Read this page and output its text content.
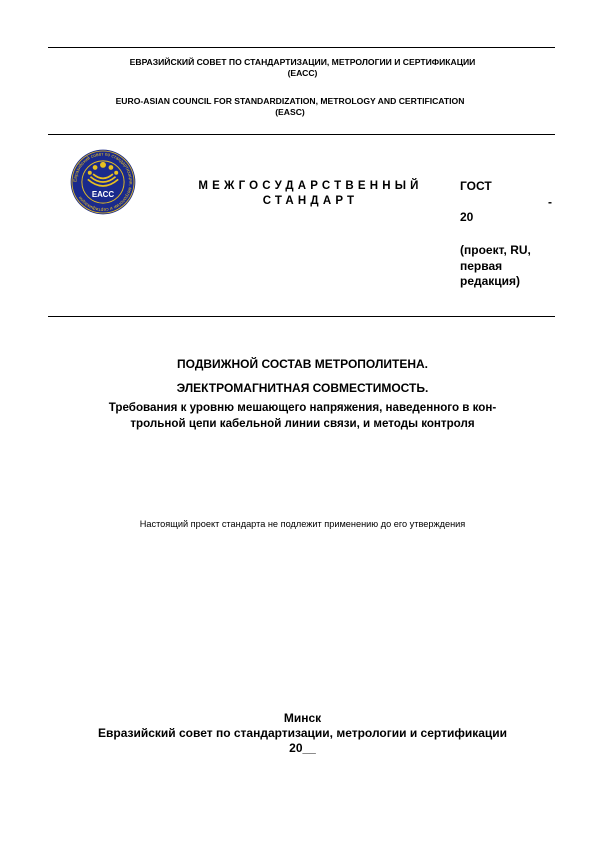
ЕВРАЗИЙСКИЙ СОВЕТ ПО СТАНДАРТИЗАЦИИ, МЕТРОЛОГИИ И СЕРТИФИКАЦИИ
(ЕАСС)
EURO-ASIAN COUNCIL FOR STANDARDIZATION, METROLOGY AND CERTIFICATION
(EASC)
Евразийский совет по стандартизации, метрологии и сертификации ЕАСС
МЕЖГОСУДАРСТВЕННЫЙ
СТАНДАРТ
ГОСТ
-
20
(проект, RU,
первая
редакция)
ПОДВИЖНОЙ СОСТАВ МЕТРОПОЛИТЕНА.
ЭЛЕКТРОМАГНИТНАЯ СОВМЕСТИМОСТЬ.
Требования к уровню мешающего напряжения, наведенного в кон-
трольной цепи кабельной линии связи, и методы контроля
Настоящий проект стандарта не подлежит применению до его утверждения
Минск
Евразийский совет по стандартизации, метрологии и сертификации
20__
